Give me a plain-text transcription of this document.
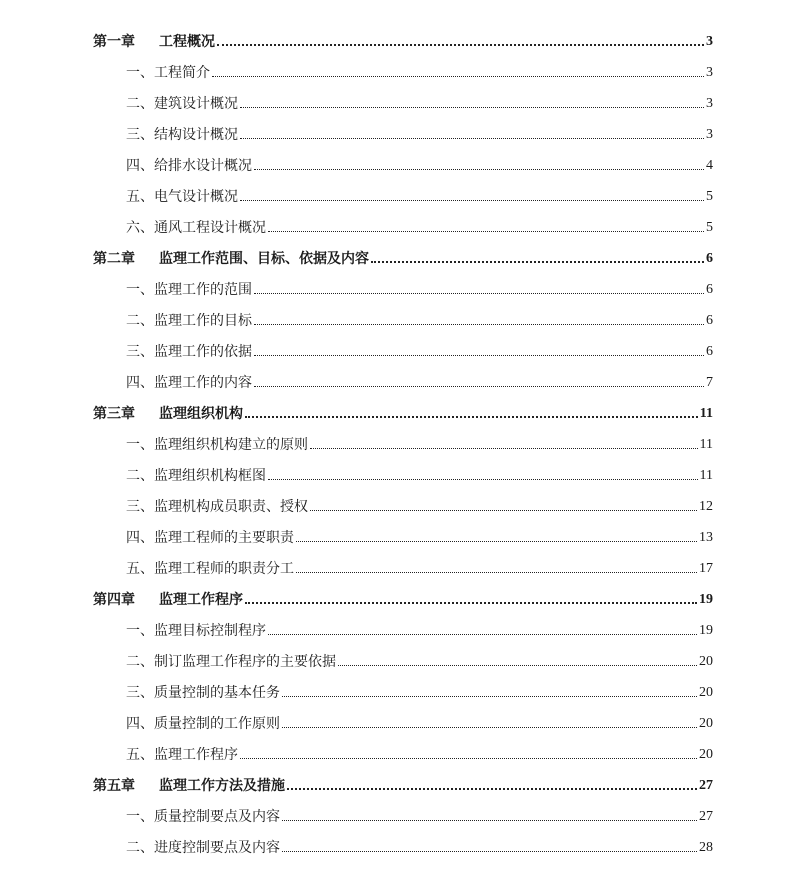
第一章	工程概况	3
一、工程简介	3
二、建筑设计概况	3
三、结构设计概况	3
四、给排水设计概况	4
五、电气设计概况	5
六、通风工程设计概况	5
第二章	监理工作范围、目标、依据及内容	6
一、监理工作的范围	6
二、监理工作的目标	6
三、监理工作的依据	6
四、监理工作的内容	7
第三章	监理组织机构	11
一、监理组织机构建立的原则	11
二、监理组织机构框图	11
三、监理机构成员职责、授权	12
四、监理工程师的主要职责	13
五、监理工程师的职责分工	17
第四章	监理工作程序	19
一、监理目标控制程序	19
二、制订监理工作程序的主要依据	20
三、质量控制的基本任务	20
四、质量控制的工作原则	20
五、监理工作程序	20
第五章	监理工作方法及措施	27
一、质量控制要点及内容	27
二、进度控制要点及内容	28
